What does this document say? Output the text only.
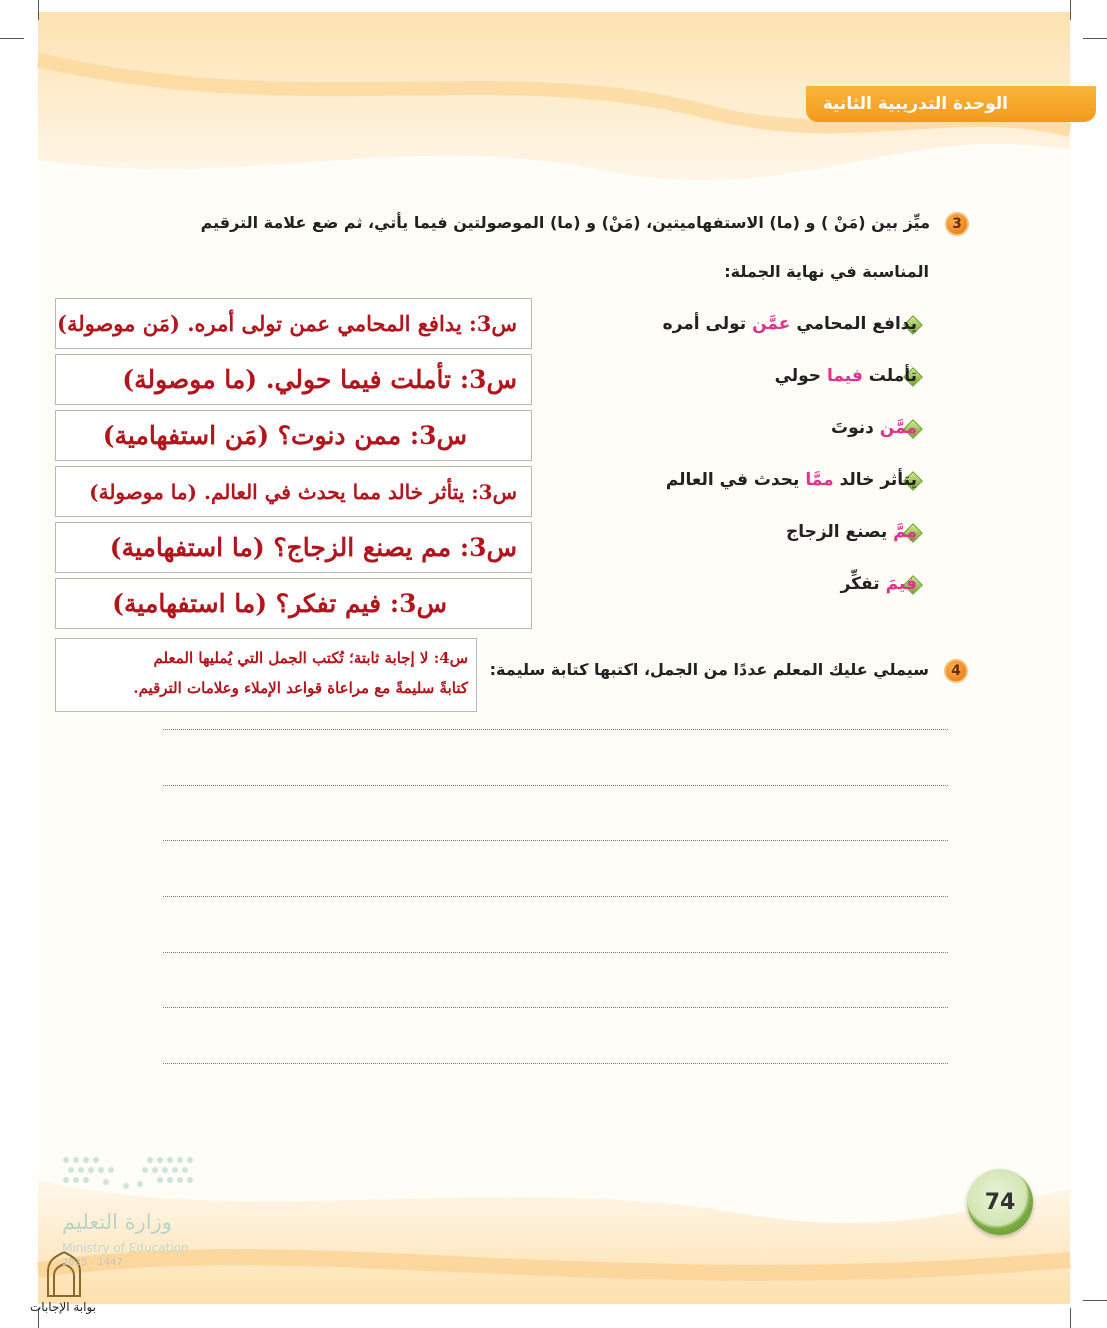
الوحدة التدريبية الثانية
3
ميِّز بين (مَنْ ) و (ما) الاستفهاميتين، (مَنْ) و (ما) الموصولتين فيما يأتي، ثم ضع علامة الترقيم
المناسبة في نهاية الجملة:
يدافع المحامي عمَّن تولى أمره
تأملت فيما حولي
ممَّن دنوتَ
يتأثر خالد ممَّا يحدث في العالم
مِمَّ يصنع الزجاج
فيمَ تفكِّر
س3: يدافع المحامي عمن تولى أمره. (مَن موصولة)
س3: تأملت فيما حولي. (ما موصولة)
س3: ممن دنوت؟ (مَن استفهامية)
س3: يتأثر خالد مما يحدث في العالم. (ما موصولة)
س3: مم يصنع الزجاج؟ (ما استفهامية)
س3: فيم تفكر؟ (ما استفهامية)
س4: لا إجابة ثابتة؛ تُكتب الجمل التي يُمليها المعلم
كتابةً سليمةً مع مراعاة قواعد الإملاء وعلامات الترقيم.
4
سيملي عليك المعلم عددًا من الجمل، اكتبها كتابة سليمة:
74
وزارة التعليم
Ministry of Education
2025 - 1447
بوابة الإجابات
